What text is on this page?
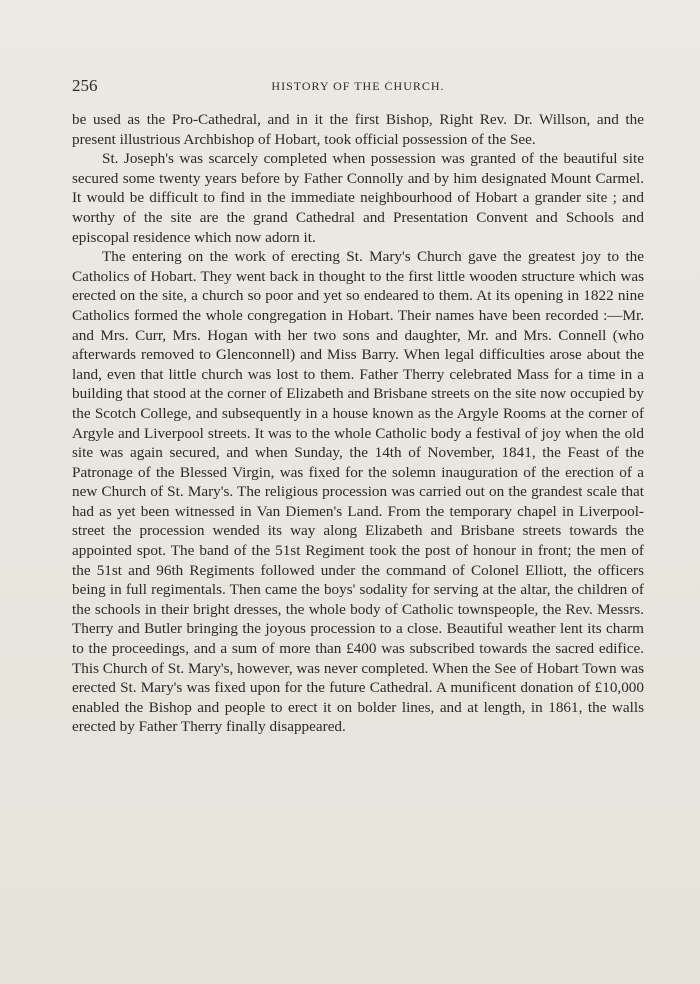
256	HISTORY OF THE CHURCH.

be used as the Pro-Cathedral, and in it the first Bishop, Right Rev. Dr. Willson, and the present illustrious Archbishop of Hobart, took official possession of the See.

St. Joseph's was scarcely completed when possession was granted of the beautiful site secured some twenty years before by Father Connolly and by him designated Mount Carmel. It would be difficult to find in the immediate neighbourhood of Hobart a grander site ; and worthy of the site are the grand Cathedral and Presentation Convent and Schools and episcopal residence which now adorn it.

The entering on the work of erecting St. Mary's Church gave the greatest joy to the Catholics of Hobart. They went back in thought to the first little wooden structure which was erected on the site, a church so poor and yet so endeared to them. At its opening in 1822 nine Catholics formed the whole congregation in Hobart. Their names have been recorded :—Mr. and Mrs. Curr, Mrs. Hogan with her two sons and daughter, Mr. and Mrs. Connell (who afterwards removed to Glenconnell) and Miss Barry. When legal difficulties arose about the land, even that little church was lost to them. Father Therry celebrated Mass for a time in a building that stood at the corner of Elizabeth and Brisbane streets on the site now occupied by the Scotch College, and subsequently in a house known as the Argyle Rooms at the corner of Argyle and Liverpool streets. It was to the whole Catholic body a festival of joy when the old site was again secured, and when Sunday, the 14th of November, 1841, the Feast of the Patronage of the Blessed Virgin, was fixed for the solemn inauguration of the erection of a new Church of St. Mary's. The religious procession was carried out on the grandest scale that had as yet been witnessed in Van Diemen's Land. From the temporary chapel in Liverpool-street the procession wended its way along Elizabeth and Brisbane streets towards the appointed spot. The band of the 51st Regiment took the post of honour in front; the men of the 51st and 96th Regiments followed under the command of Colonel Elliott, the officers being in full regimentals. Then came the boys' sodality for serving at the altar, the children of the schools in their bright dresses, the whole body of Catholic townspeople, the Rev. Messrs. Therry and Butler bringing the joyous procession to a close. Beautiful weather lent its charm to the proceedings, and a sum of more than £400 was subscribed towards the sacred edifice. This Church of St. Mary's, however, was never completed. When the See of Hobart Town was erected St. Mary's was fixed upon for the future Cathedral. A munificent donation of £10,000 enabled the Bishop and people to erect it on bolder lines, and at length, in 1861, the walls erected by Father Therry finally disappeared.
